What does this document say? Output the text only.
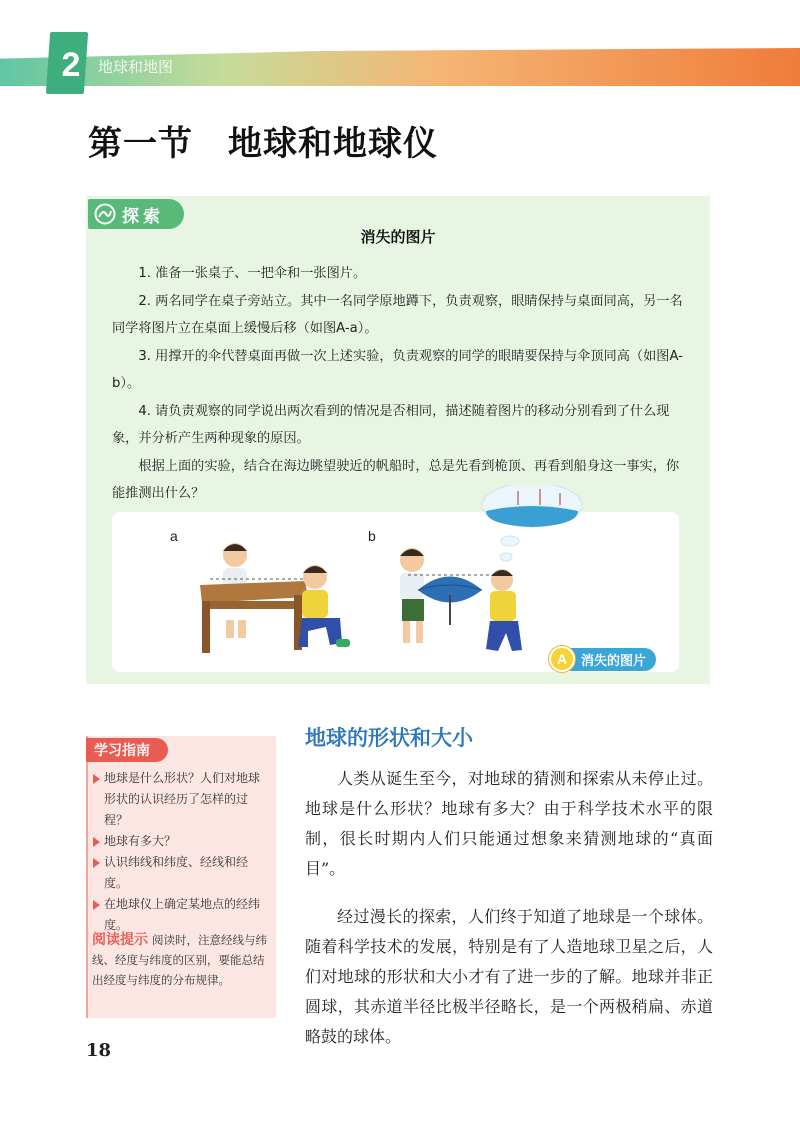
2	地球和地图
第一节　地球和地球仪
探索
消失的图片

1. 准备一张桌子、一把伞和一张图片。

2. 两名同学在桌子旁站立。其中一名同学原地蹲下，负责观察，眼睛保持与桌面同高，另一名同学将图片立在桌面上缓慢后移（如图A-a）。

3. 用撑开的伞代替桌面再做一次上述实验，负责观察的同学的眼睛要保持与伞顶同高（如图A-b）。

4. 请负责观察的同学说出两次看到的情况是否相同，描述随着图片的移动分别看到了什么现象，并分析产生两种现象的原因。

根据上面的实验，结合在海边眺望驶近的帆船时，总是先看到桅顶、再看到船身这一事实，你能推测出什么？

a	b
A	消失的图片
学习指南
地球是什么形状？人们对地球形状的认识经历了怎样的过程？
地球有多大？
认识纬线和纬度、经线和经度。
在地球仪上确定某地点的经纬度。
阅读提示 阅读时，注意经线与纬线、经度与纬度的区别，要能总结出经度与纬度的分布规律。
地球的形状和大小

人类从诞生至今，对地球的猜测和探索从未停止过。地球是什么形状？地球有多大？由于科学技术水平的限制，很长时期内人们只能通过想象来猜测地球的“真面目”。

经过漫长的探索，人们终于知道了地球是一个球体。随着科学技术的发展，特别是有了人造地球卫星之后，人们对地球的形状和大小才有了进一步的了解。地球并非正圆球，其赤道半径比极半径略长，是一个两极稍扁、赤道略鼓的球体。

18
